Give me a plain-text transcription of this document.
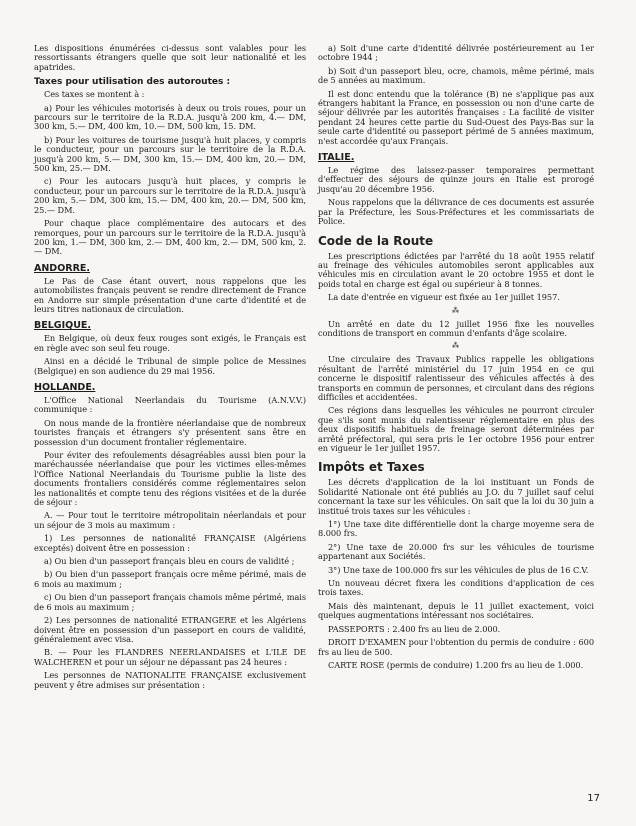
Les dispositions énumérées ci-dessus sont valables pour les ressortissants étrangers quelle que soit leur nationalité et les apatrides.

Taxes pour utilisation des autoroutes :

Ces taxes se montent à :

a) Pour les véhicules motorisés à deux ou trois roues, pour un parcours sur le territoire de la R.D.A. jusqu'à 200 km, 4.— DM, 300 km, 5.— DM, 400 km, 10.— DM, 500 km, 15. DM.

b) Pour les voitures de tourisme jusqu'à huit places, y compris le conducteur, pour un parcours sur le territoire de la R.D.A. jusqu'à 200 km, 5.— DM, 300 km, 15.— DM, 400 km, 20.— DM, 500 km, 25.— DM.

c) Pour les autocars jusqu'à huit places, y compris le conducteur, pour un parcours sur le territoire de la R.D.A. jusqu'à 200 km, 5.— DM, 300 km, 15.— DM, 400 km, 20.— DM, 500 km, 25.— DM.

Pour chaque place complémentaire des autocars et des remorques, pour un parcours sur le territoire de la R.D.A. jusqu'à 200 km, 1.— DM, 300 km, 2.— DM, 400 km, 2.— DM, 500 km, 2.— DM.

ANDORRE.

Le Pas de Case étant ouvert, nous rappelons que les automobilistes français peuvent se rendre directement de France en Andorre sur simple présentation d'une carte d'identité et de leurs titres nationaux de circulation.

BELGIQUE.

En Belgique, où deux feux rouges sont exigés, le Français est en règle avec son seul feu rouge.

Ainsi en a décidé le Tribunal de simple police de Messines (Belgique) en son audience du 29 mai 1956.

HOLLANDE.

L'Office National Neerlandais du Tourisme (A.N.V.V.) communique :

On nous mande de la frontière néerlandaise que de nombreux touristes français et étrangers s'y présentent sans être en possession d'un document frontalier réglementaire.

Pour éviter des refoulements désagréables aussi bien pour la maréchaussée néerlandaise que pour les victimes elles-mêmes l'Office National Neerlandais du Tourisme publie la liste des documents frontaliers considérés comme réglementaires selon les nationalités et compte tenu des régions visitées et de la durée de séjour :

A. — Pour tout le territoire métropolitain néerlandais et pour un séjour de 3 mois au maximum :

1) Les personnes de nationalité FRANÇAISE (Algériens exceptés) doivent être en possession :

a) Ou bien d'un passeport français bleu en cours de validité ;

b) Ou bien d'un passeport français ocre même périmé, mais de 6 mois au maximum ;

c) Ou bien d'un passeport français chamois même périmé, mais de 6 mois au maximum ;

2) Les personnes de nationalité ETRANGERE et les Algériens doivent être en possession d'un passeport en cours de validité, généralement avec visa.

B. — Pour les FLANDRES NEERLANDAISES et L'ILE DE WALCHEREN et pour un séjour ne dépassant pas 24 heures :

Les personnes de NATIONALITE FRANÇAISE exclusivement peuvent y être admises sur présentation :

a) Soit d'une carte d'identité délivrée postérieurement au 1er octobre 1944 ;

b) Soit d'un passeport bleu, ocre, chamois, même périmé, mais de 5 années au maximum.

Il est donc entendu que la tolérance (B) ne s'applique pas aux étrangers habitant la France, en possession ou non d'une carte de séjour délivrée par les autorités françaises : La facilité de visiter pendant 24 heures cette partie du Sud-Ouest des Pays-Bas sur la seule carte d'identité ou passeport périmé de 5 années maximum, n'est accordée qu'aux Français.

ITALIE.

Le régime des laissez-passer temporaires permettant d'effectuer des séjours de quinze jours en Italie est prorogé jusqu'au 20 décembre 1956.

Nous rappelons que la délivrance de ces documents est assurée par la Préfecture, les Sous-Préfectures et les commissariats de Police.

Code de la Route

Les prescriptions édictées par l'arrêté du 18 août 1955 relatif au freinage des véhicules automobiles seront applicables aux véhicules mis en circulation avant le 20 octobre 1955 et dont le poids total en charge est égal ou supérieur à 8 tonnes.

La date d'entrée en vigueur est fixée au 1er juillet 1957.

⁂

Un arrêté en date du 12 juillet 1956 fixe les nouvelles conditions de transport en commun d'enfants d'âge scolaire.

⁂

Une circulaire des Travaux Publics rappelle les obligations résultant de l'arrêté ministériel du 17 juin 1954 en ce qui concerne le dispositif ralentisseur des véhicules affectés à des transports en commun de personnes, et circulant dans des régions difficiles et accidentées.

Ces régions dans lesquelles les véhicules ne pourront circuler que s'ils sont munis du ralentisseur réglementaire en plus des deux dispositifs habituels de freinage seront déterminées par arrêté préfectoral, qui sera pris le 1er octobre 1956 pour entrer en vigueur le 1er juillet 1957.

Impôts et Taxes

Les décrets d'application de la loi instituant un Fonds de Solidarité Nationale ont été publiés au J.O. du 7 juillet sauf celui concernant la taxe sur les véhicules. On sait que la loi du 30 juin a institué trois taxes sur les véhicules :

1°) Une taxe dite différentielle dont la charge moyenne sera de 8.000 frs.

2°) Une taxe de 20.000 frs sur les véhicules de tourisme appartenant aux Sociétés.

3°) Une taxe de 100.000 frs sur les véhicules de plus de 16 C.V.

Un nouveau décret fixera les conditions d'application de ces trois taxes.

Mais dès maintenant, depuis le 11 juillet exactement, voici quelques augmentations intéressant nos sociétaires.

PASSEPORTS : 2.400 frs au lieu de 2.000.

DROIT D'EXAMEN pour l'obtention du permis de conduire : 600 frs au lieu de 500.

CARTE ROSE (permis de conduire) 1.200 frs au lieu de 1.000.

17
